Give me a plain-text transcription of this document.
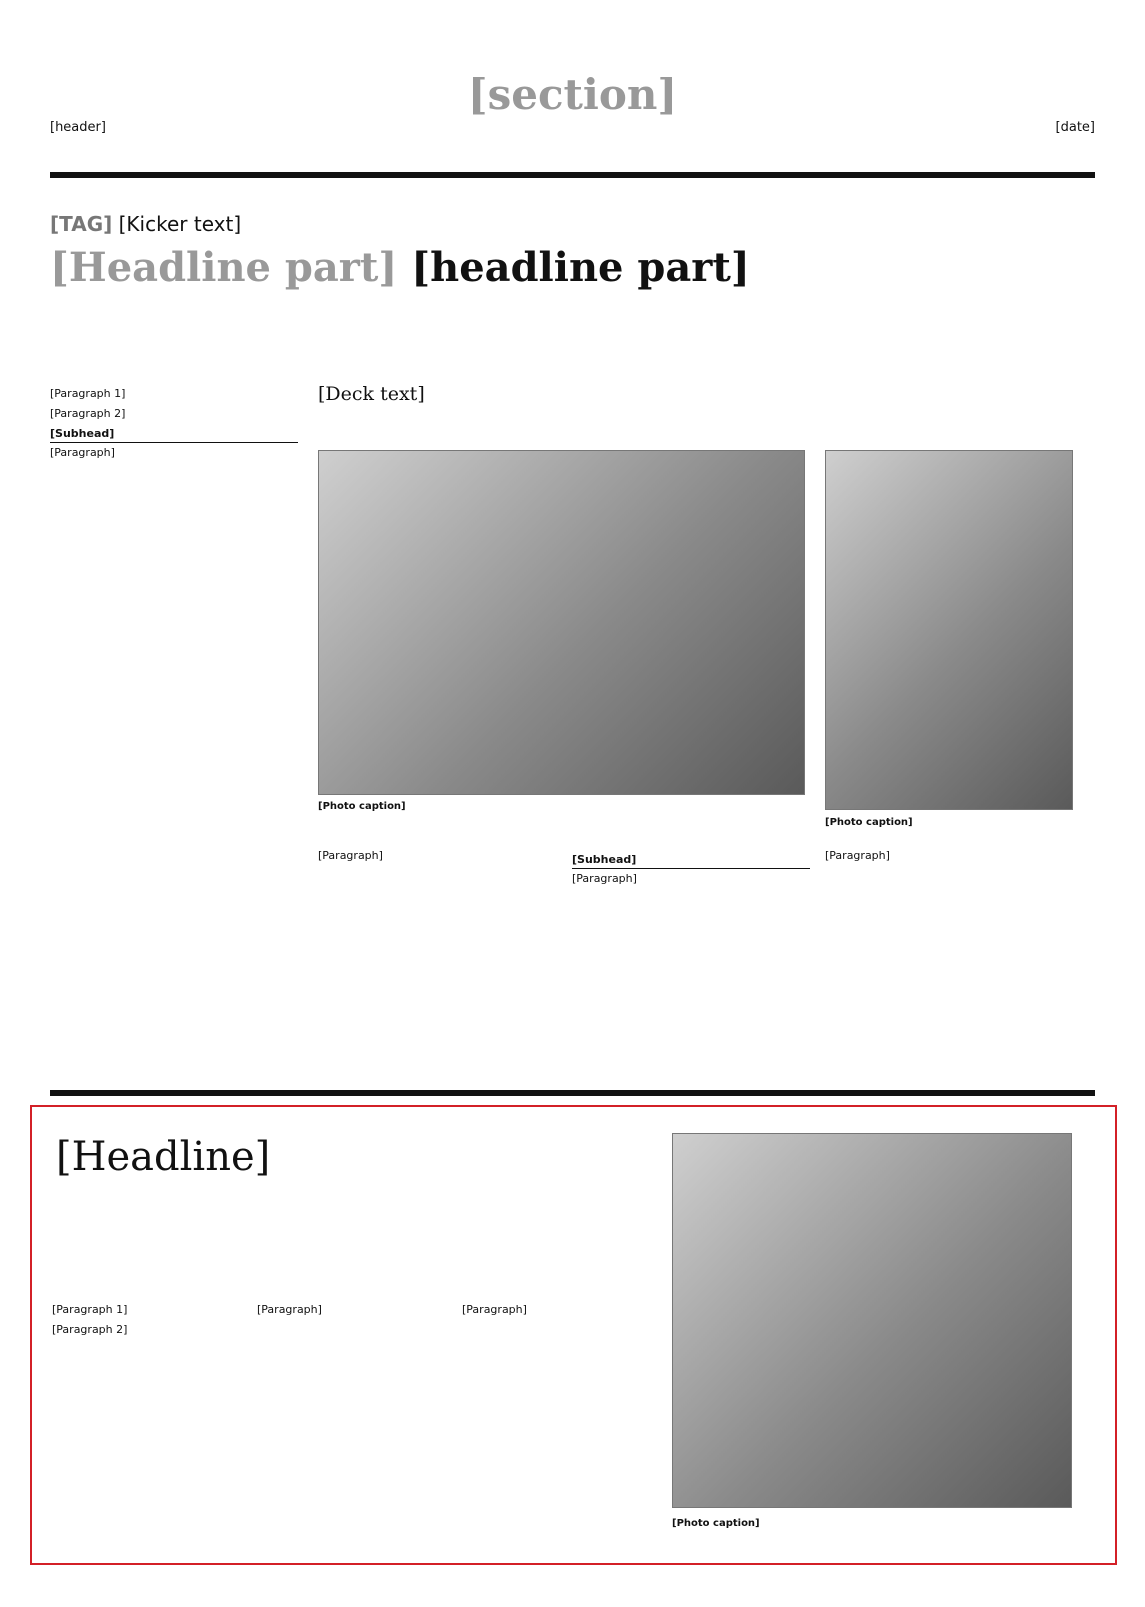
[header]
[section]
[date]
[TAG] [Kicker text]
[Headline part] [headline part]
[Deck text]

[Paragraph 1]

[Paragraph 2]

[Subhead]

[Paragraph]

[Photo caption]
[Photo caption]

[Paragraph]	[Subhead]

[Paragraph]

[Paragraph]

[Headline]

[Paragraph 1]

[Paragraph 2]

[Paragraph]	[Paragraph]

[Photo caption]
